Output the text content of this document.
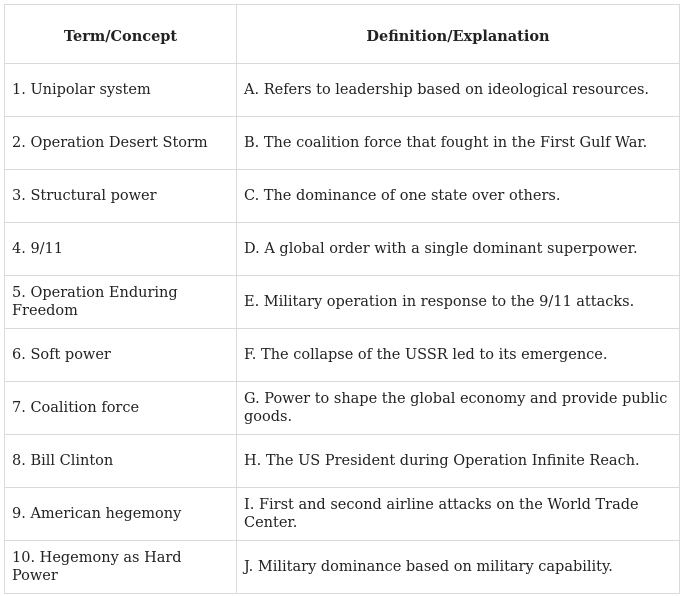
Term/Concept	Definition/Explanation
1. Unipolar system	A. Refers to leadership based on ideological resources.
2. Operation Desert Storm	B. The coalition force that fought in the First Gulf War.
3. Structural power	C. The dominance of one state over others.
4. 9/11	D. A global order with a single dominant superpower.
5. Operation Enduring Freedom	E. Military operation in response to the 9/11 attacks.
6. Soft power	F. The collapse of the USSR led to its emergence.
7. Coalition force	G. Power to shape the global economy and provide public goods.
8. Bill Clinton	H. The US President during Operation Infinite Reach.
9. American hegemony	I. First and second airline attacks on the World Trade Center.
10. Hegemony as Hard Power	J. Military dominance based on military capability.
